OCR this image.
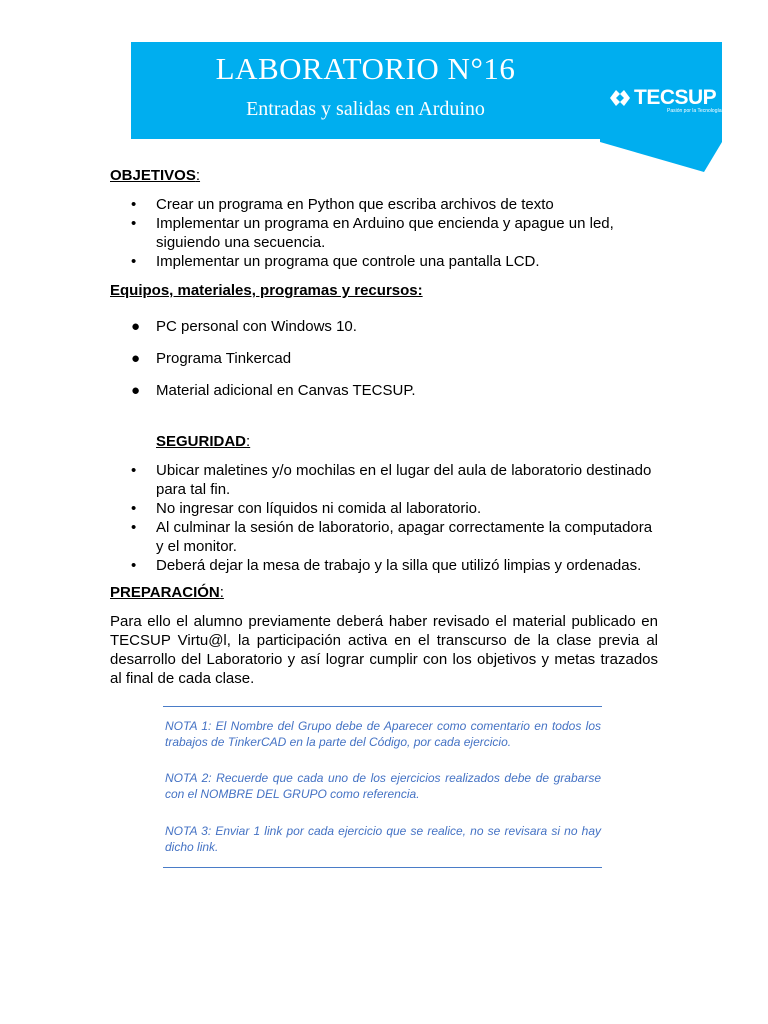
LABORATORIO N°16
Entradas y salidas en Arduino	TECSUP
Pasión por la Tecnología
OBJETIVOS:
• Crear un programa en Python que escriba archivos de texto
• Implementar un programa en Arduino que encienda y apague un led, siguiendo una secuencia.
• Implementar un programa que controle una pantalla LCD.
Equipos, materiales, programas y recursos:
● PC personal con Windows 10.
● Programa Tinkercad
● Material adicional en Canvas TECSUP.
SEGURIDAD:
• Ubicar maletines y/o mochilas en el lugar del aula de laboratorio destinado para tal fin.
• No ingresar con líquidos ni comida al laboratorio.
• Al culminar la sesión de laboratorio, apagar correctamente la computadora y el monitor.
• Deberá dejar la mesa de trabajo y la silla que utilizó limpias y ordenadas.
PREPARACIÓN:
Para ello el alumno previamente deberá haber revisado el material publicado en TECSUP Virtu@l, la participación activa en el transcurso de la clase previa al desarrollo del Laboratorio y así lograr cumplir con los objetivos y metas trazados al final de cada clase.
NOTA 1: El Nombre del Grupo debe de Aparecer como comentario en todos los trabajos de TinkerCAD en la parte del Código, por cada ejercicio.
NOTA 2: Recuerde que cada uno de los ejercicios realizados debe de grabarse con el NOMBRE DEL GRUPO como referencia.
NOTA 3: Enviar 1 link por cada ejercicio que se realice, no se revisara si no hay dicho link.
